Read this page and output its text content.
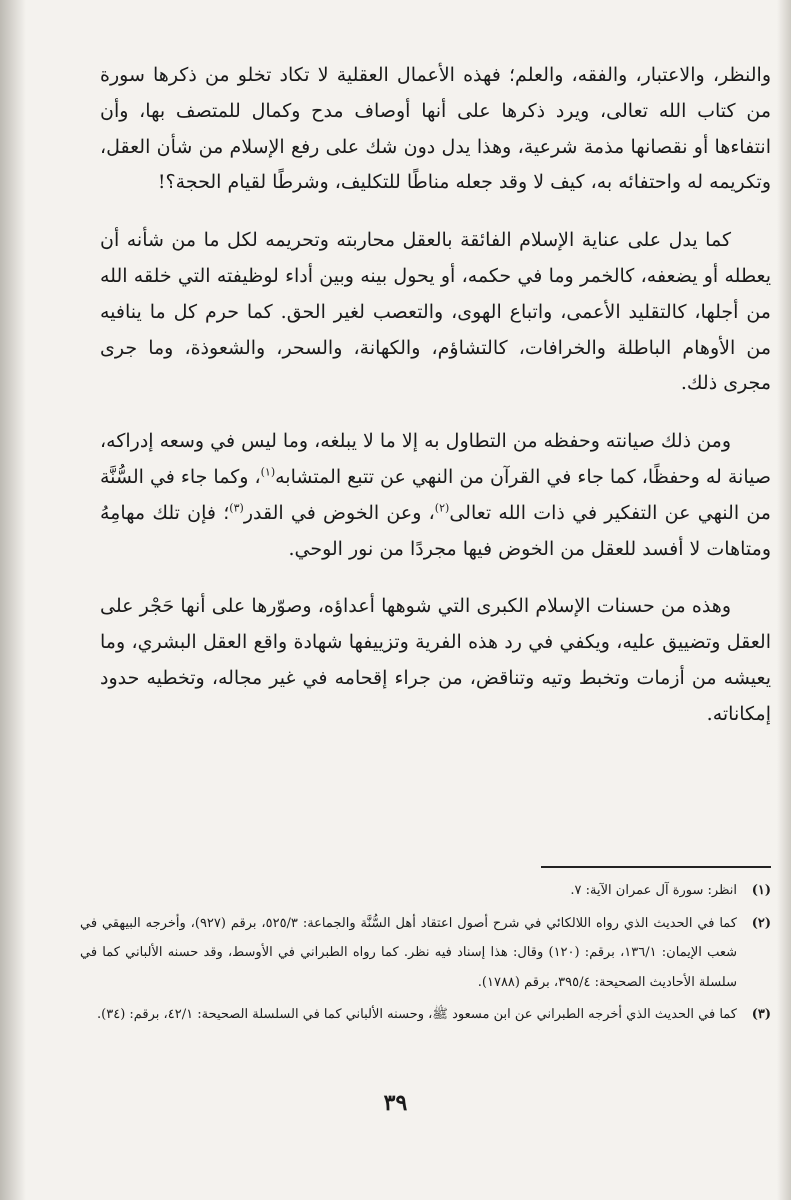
والنظر، والاعتبار، والفقه، والعلم؛ فهذه الأعمال العقلية لا تكاد تخلو من ذكرها سورة من كتاب الله تعالى، ويرد ذكرها على أنها أوصاف مدح وكمال للمتصف بها، وأن انتفاءها أو نقصانها مذمة شرعية، وهذا يدل دون شك على رفع الإسلام من شأن العقل، وتكريمه له واحتفائه به، كيف لا وقد جعله مناطًا للتكليف، وشرطًا لقيام الحجة؟!

كما يدل على عناية الإسلام الفائقة بالعقل محاربته وتحريمه لكل ما من شأنه أن يعطله أو يضعفه، كالخمر وما في حكمه، أو يحول بينه وبين أداء لوظيفته التي خلقه الله من أجلها، كالتقليد الأعمى، واتباع الهوى، والتعصب لغير الحق. كما حرم كل ما ينافيه من الأوهام الباطلة والخرافات، كالتشاؤم، والكهانة، والسحر، والشعوذة، وما جرى مجرى ذلك.

ومن ذلك صيانته وحفظه من التطاول به إلا ما لا يبلغه، وما ليس في وسعه إدراكه، صيانة له وحفظًا، كما جاء في القرآن من النهي عن تتبع المتشابه$^{(١)}$، وكما جاء في السُّنَّة من النهي عن التفكير في ذات الله تعالى$^{(٢)}$، وعن الخوض في القدر$^{(٣)}$؛ فإن تلك مهامِهُ ومتاهات لا أفسد للعقل من الخوض فيها مجردًا من نور الوحي.

وهذه من حسنات الإسلام الكبرى التي شوهها أعداؤه، وصوّرها على أنها حَجْر على العقل وتضييق عليه، ويكفي في رد هذه الفرية وتزييفها شهادة واقع العقل البشري، وما يعيشه من أزمات وتخبط وتيه وتناقض، من جراء إقحامه في غير مجاله، وتخطيه حدود إمكاناته.

(١)
انظر: سورة آل عمران الآية: ٧.
(٢)
كما في الحديث الذي رواه اللالكائي في شرح أصول اعتقاد أهل السُّنَّة والجماعة: ٥٢٥/٣، برقم (٩٢٧)، وأخرجه البيهقي في شعب الإيمان: ١٣٦/١، برقم: (١٢٠) وقال: هذا إسناد فيه نظر. كما رواه الطبراني في الأوسط، وقد حسنه الألباني كما في سلسلة الأحاديث الصحيحة: ٣٩٥/٤، برقم (١٧٨٨).
(٣)
كما في الحديث الذي أخرجه الطبراني عن ابن مسعود ﷺ، وحسنه الألباني كما في السلسلة الصحيحة: ٤٢/١، برقم: (٣٤).
٣٩
